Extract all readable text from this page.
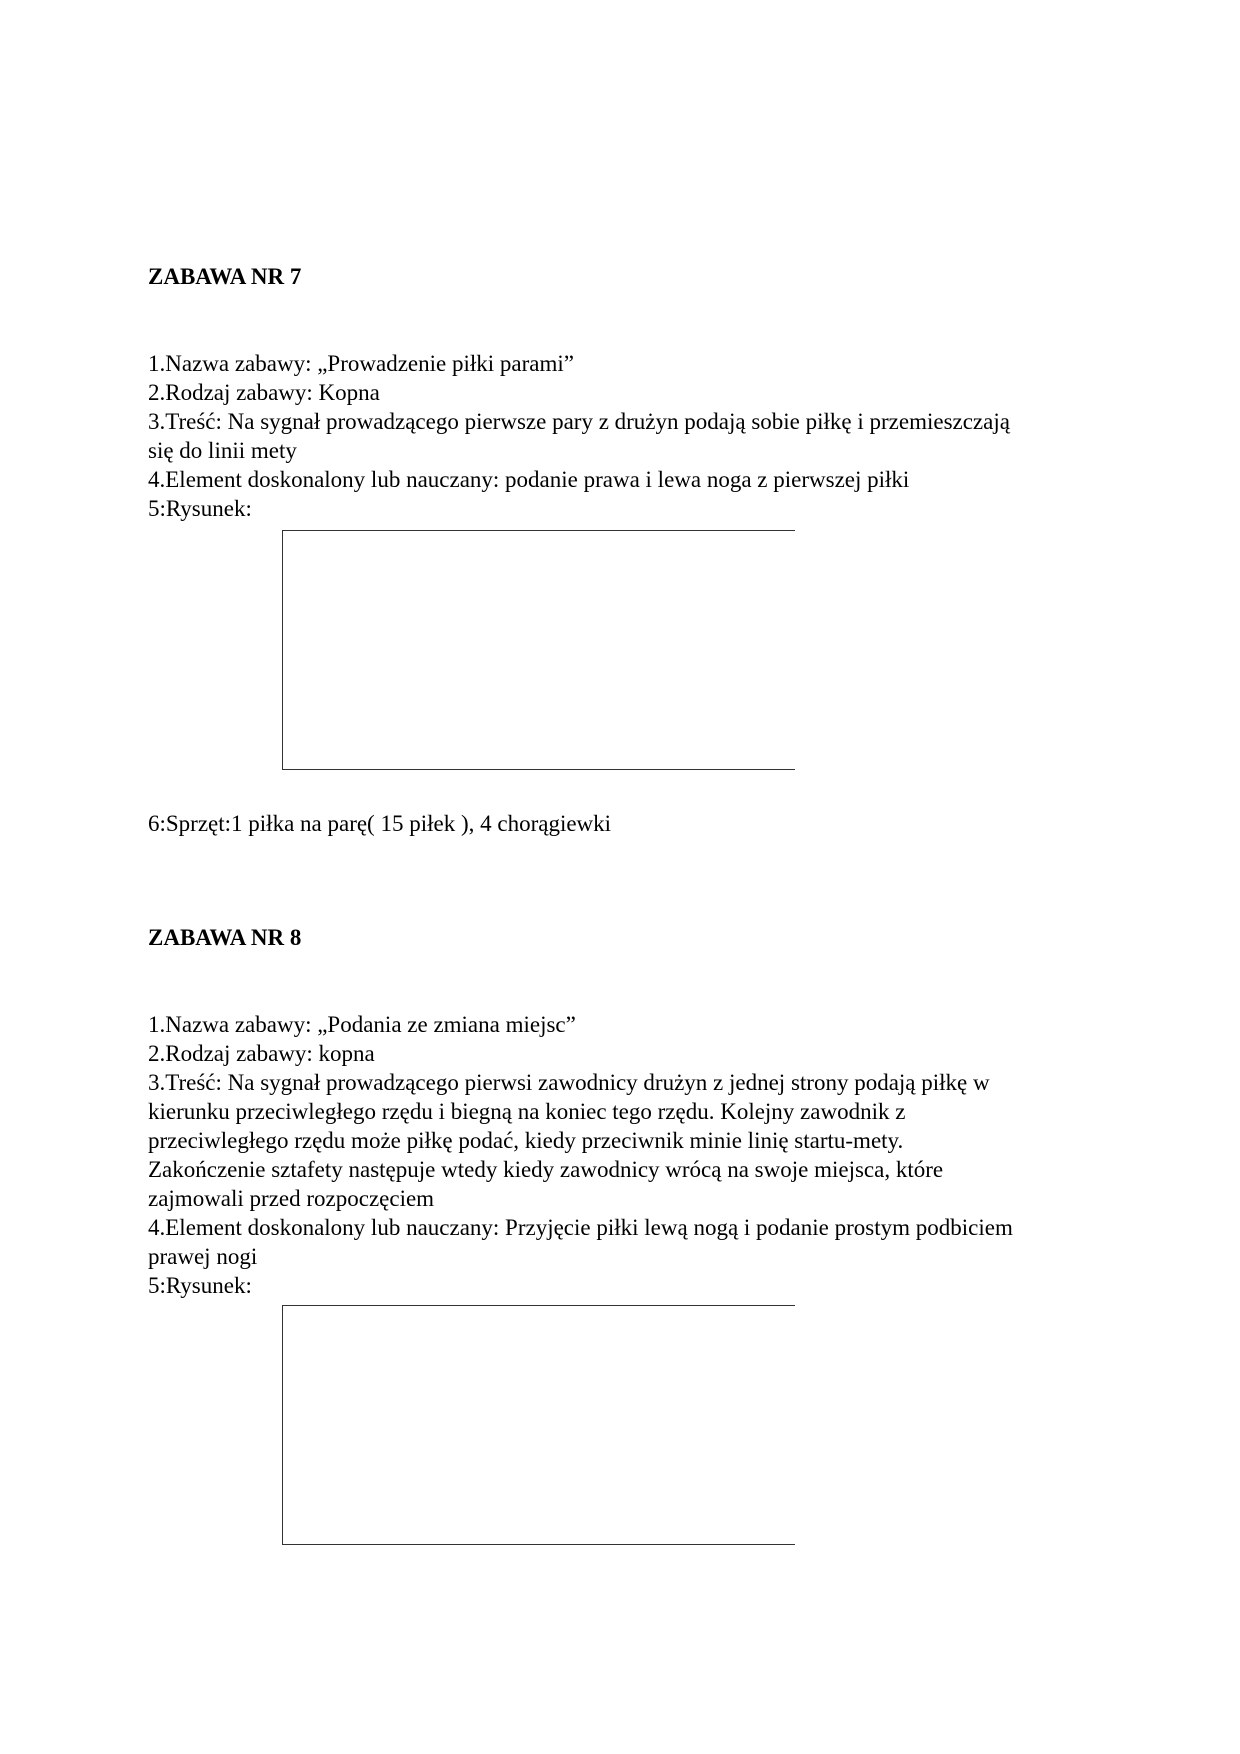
ZABAWA NR 7
1.Nazwa zabawy: „Prowadzenie piłki parami”
2.Rodzaj zabawy: Kopna
3.Treść: Na sygnał prowadzącego pierwsze pary z drużyn podają sobie piłkę i przemieszczają
się do linii mety
4.Element doskonalony lub nauczany: podanie prawa i lewa noga z pierwszej piłki
5:Rysunek:
6:Sprzęt:1 piłka na parę( 15 piłek ), 4 chorągiewki
ZABAWA NR 8
1.Nazwa zabawy: „Podania ze zmiana miejsc”
2.Rodzaj zabawy: kopna
3.Treść: Na sygnał prowadzącego pierwsi zawodnicy drużyn z jednej strony podają piłkę w
kierunku przeciwległego rzędu i biegną na koniec tego rzędu. Kolejny zawodnik z
przeciwległego rzędu może piłkę podać, kiedy przeciwnik minie linię startu-mety.
Zakończenie sztafety następuje wtedy kiedy zawodnicy wrócą na swoje miejsca, które
zajmowali przed rozpoczęciem
4.Element doskonalony lub nauczany: Przyjęcie piłki lewą nogą i podanie prostym podbiciem
prawej nogi
5:Rysunek:
